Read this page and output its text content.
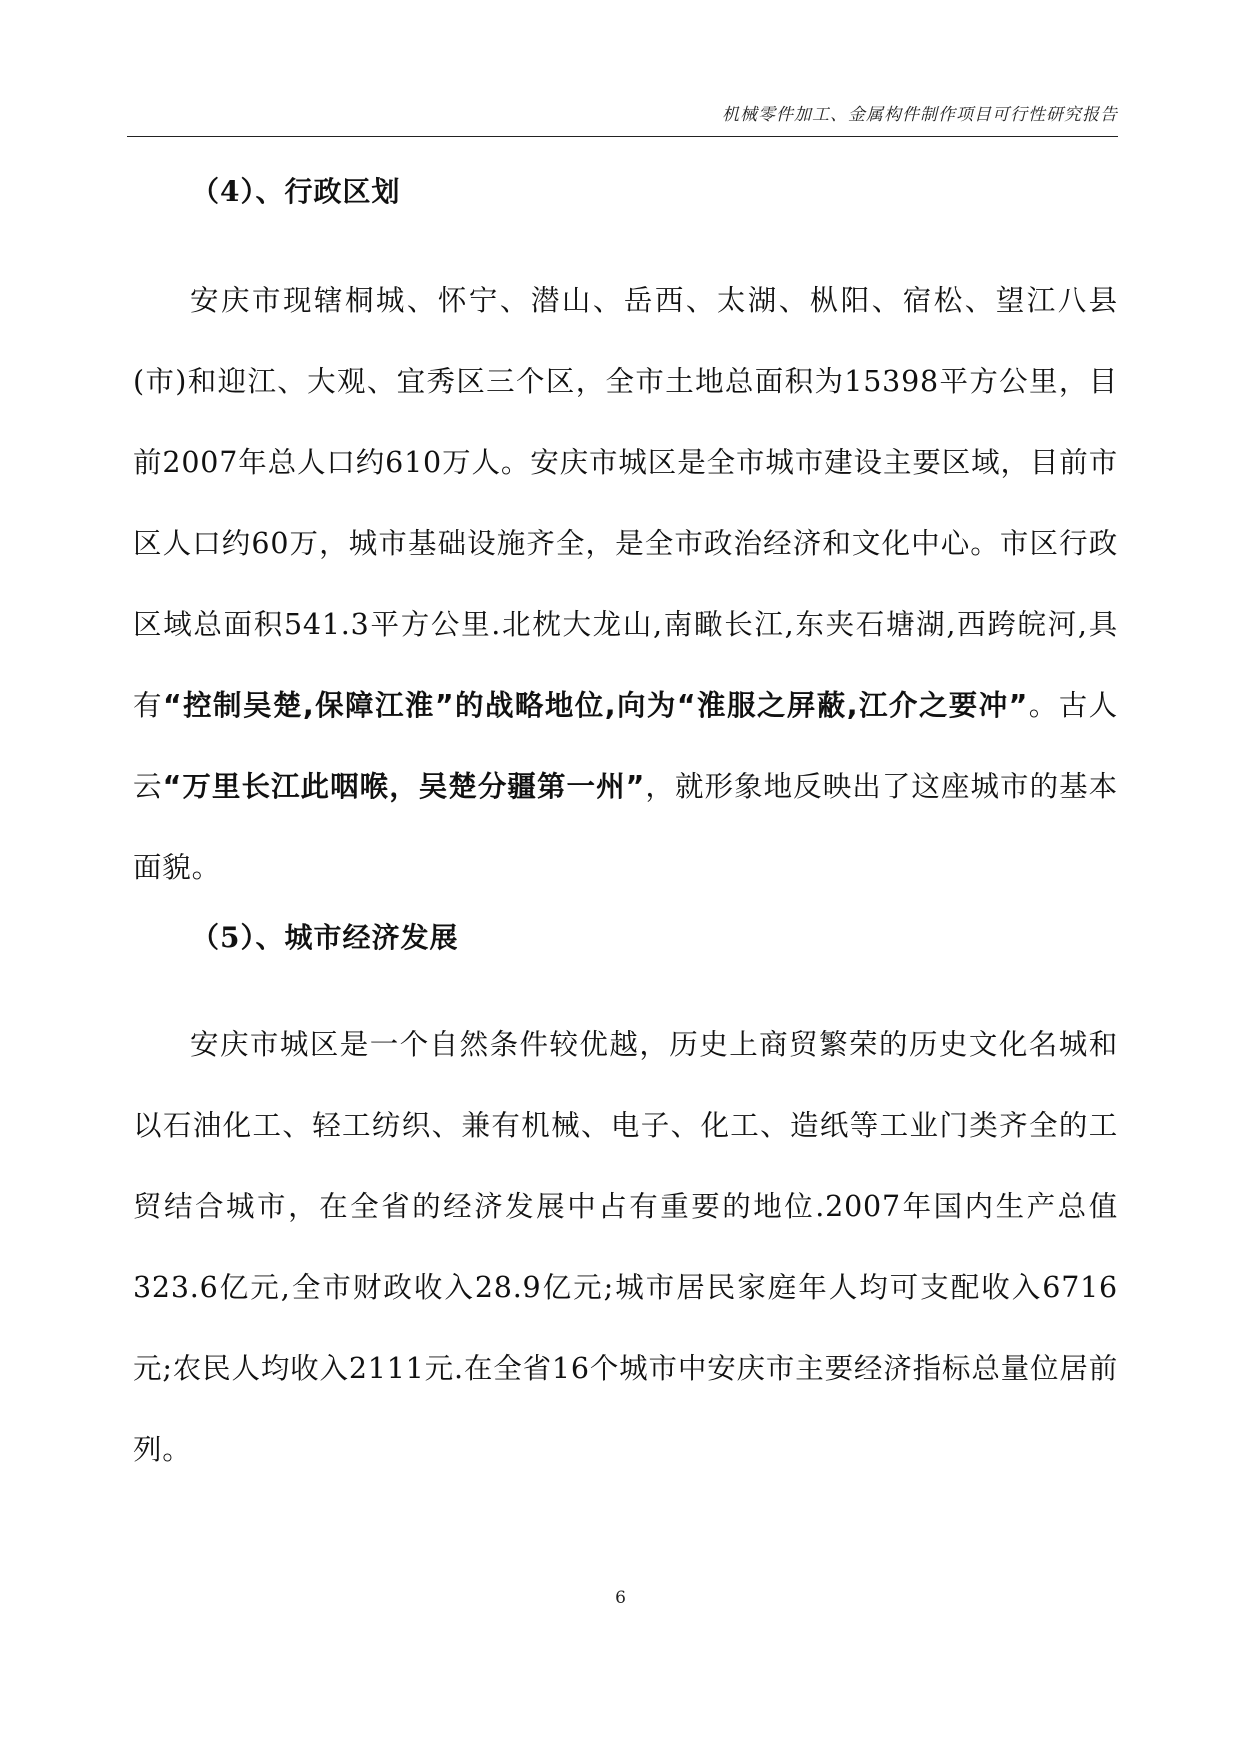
机械零件加工、金属构件制作项目可行性研究报告
（4）、行政区划

安庆市现辖桐城、怀宁、潜山、岳西、太湖、枞阳、宿松、望江八县(市)和迎江、大观、宜秀区三个区，全市土地总面积为15398平方公里，目前2007年总人口约610万人。安庆市城区是全市城市建设主要区域，目前市区人口约60万，城市基础设施齐全，是全市政治经济和文化中心。市区行政区域总面积541.3平方公里.北枕大龙山,南瞰长江,东夹石塘湖,西跨皖河,具有“控制吴楚,保障江淮”的战略地位,向为“淮服之屏蔽,江介之要冲”。古人云“万里长江此咽喉，吴楚分疆第一州”，就形象地反映出了这座城市的基本面貌。

（5）、城市经济发展

安庆市城区是一个自然条件较优越，历史上商贸繁荣的历史文化名城和以石油化工、轻工纺织、兼有机械、电子、化工、造纸等工业门类齐全的工贸结合城市，在全省的经济发展中占有重要的地位.2007年国内生产总值323.6亿元,全市财政收入28.9亿元;城市居民家庭年人均可支配收入6716元;农民人均收入2111元.在全省16个城市中安庆市主要经济指标总量位居前列。

6
